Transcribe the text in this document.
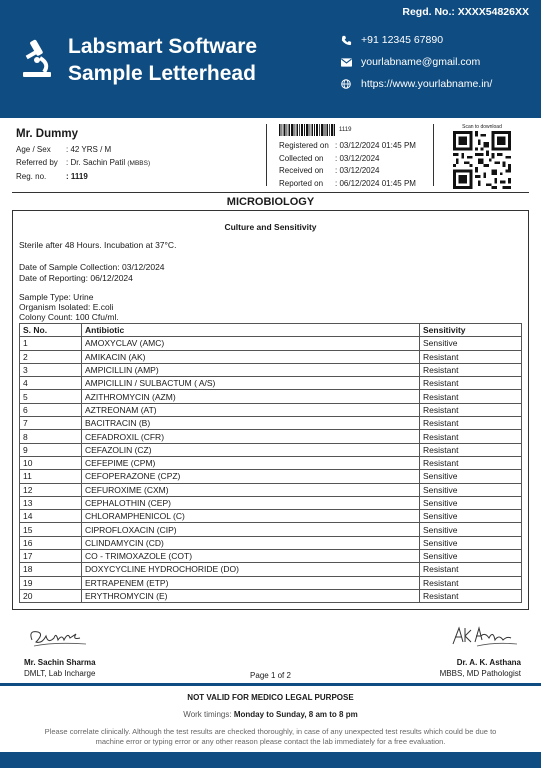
Regd. No.: XXXX54826XX
Labsmart Software
Sample Letterhead
+91 12345 67890
yourlabname@gmail.com
https://www.yourlabname.in/
Mr. Dummy
Age / Sex	: 42 YRS / M
Referred by	: Dr. Sachin Patil (MBBS)
Reg. no.	: 1119
1119
Registered on : 03/12/2024 01:45 PM
Collected on	: 03/12/2024
Received on	: 03/12/2024
Reported on	: 06/12/2024 01:45 PM
Scan to download
MICROBIOLOGY
Culture and Sensitivity
Sterile after 48 Hours. Incubation at 37°C.
Date of Sample Collection: 03/12/2024
Date of Reporting: 06/12/2024
Sample Type: Urine
Organism Isolated: E.coli
Colony Count: 100 Cfu/ml.
S. No.	Antibiotic	Sensitivity
1	AMOXYCLAV (AMC)	Sensitive
2	AMIKACIN (AK)	Resistant
3	AMPICILLIN (AMP)	Resistant
4	AMPICILLIN / SULBACTUM ( A/S)	Resistant
5	AZITHROMYCIN (AZM)	Resistant
6	AZTREONAM (AT)	Resistant
7	BACITRACIN (B)	Resistant
8	CEFADROXIL (CFR)	Resistant
9	CEFAZOLIN (CZ)	Resistant
10	CEFEPIME (CPM)	Resistant
11	CEFOPERAZONE (CPZ)	Sensitive
12	CEFUROXIME (CXM)	Sensitive
13	CEPHALOTHIN (CEP)	Sensitive
14	CHLORAMPHENICOL (C)	Sensitive
15	CIPROFLOXACIN (CIP)	Sensitive
16	CLINDAMYCIN (CD)	Sensitive
17	CO - TRIMOXAZOLE (COT)	Sensitive
18	DOXYCYCLINE HYDROCHORIDE (DO)	Resistant
19	ERTRAPENEM (ETP)	Resistant
20	ERYTHROMYCIN (E)	Resistant
Mr. Sachin Sharma
DMLT, Lab Incharge
Dr. A. K. Asthana
MBBS, MD Pathologist
Page 1 of 2
NOT VALID FOR MEDICO LEGAL PURPOSE
Work timings: Monday to Sunday, 8 am to 8 pm
Please correlate clinically. Although the test results are checked thoroughly, in case of any unexpected test results which could be due to machine error or typing error or any other reason please contact the lab immediately for a free evaluation.
